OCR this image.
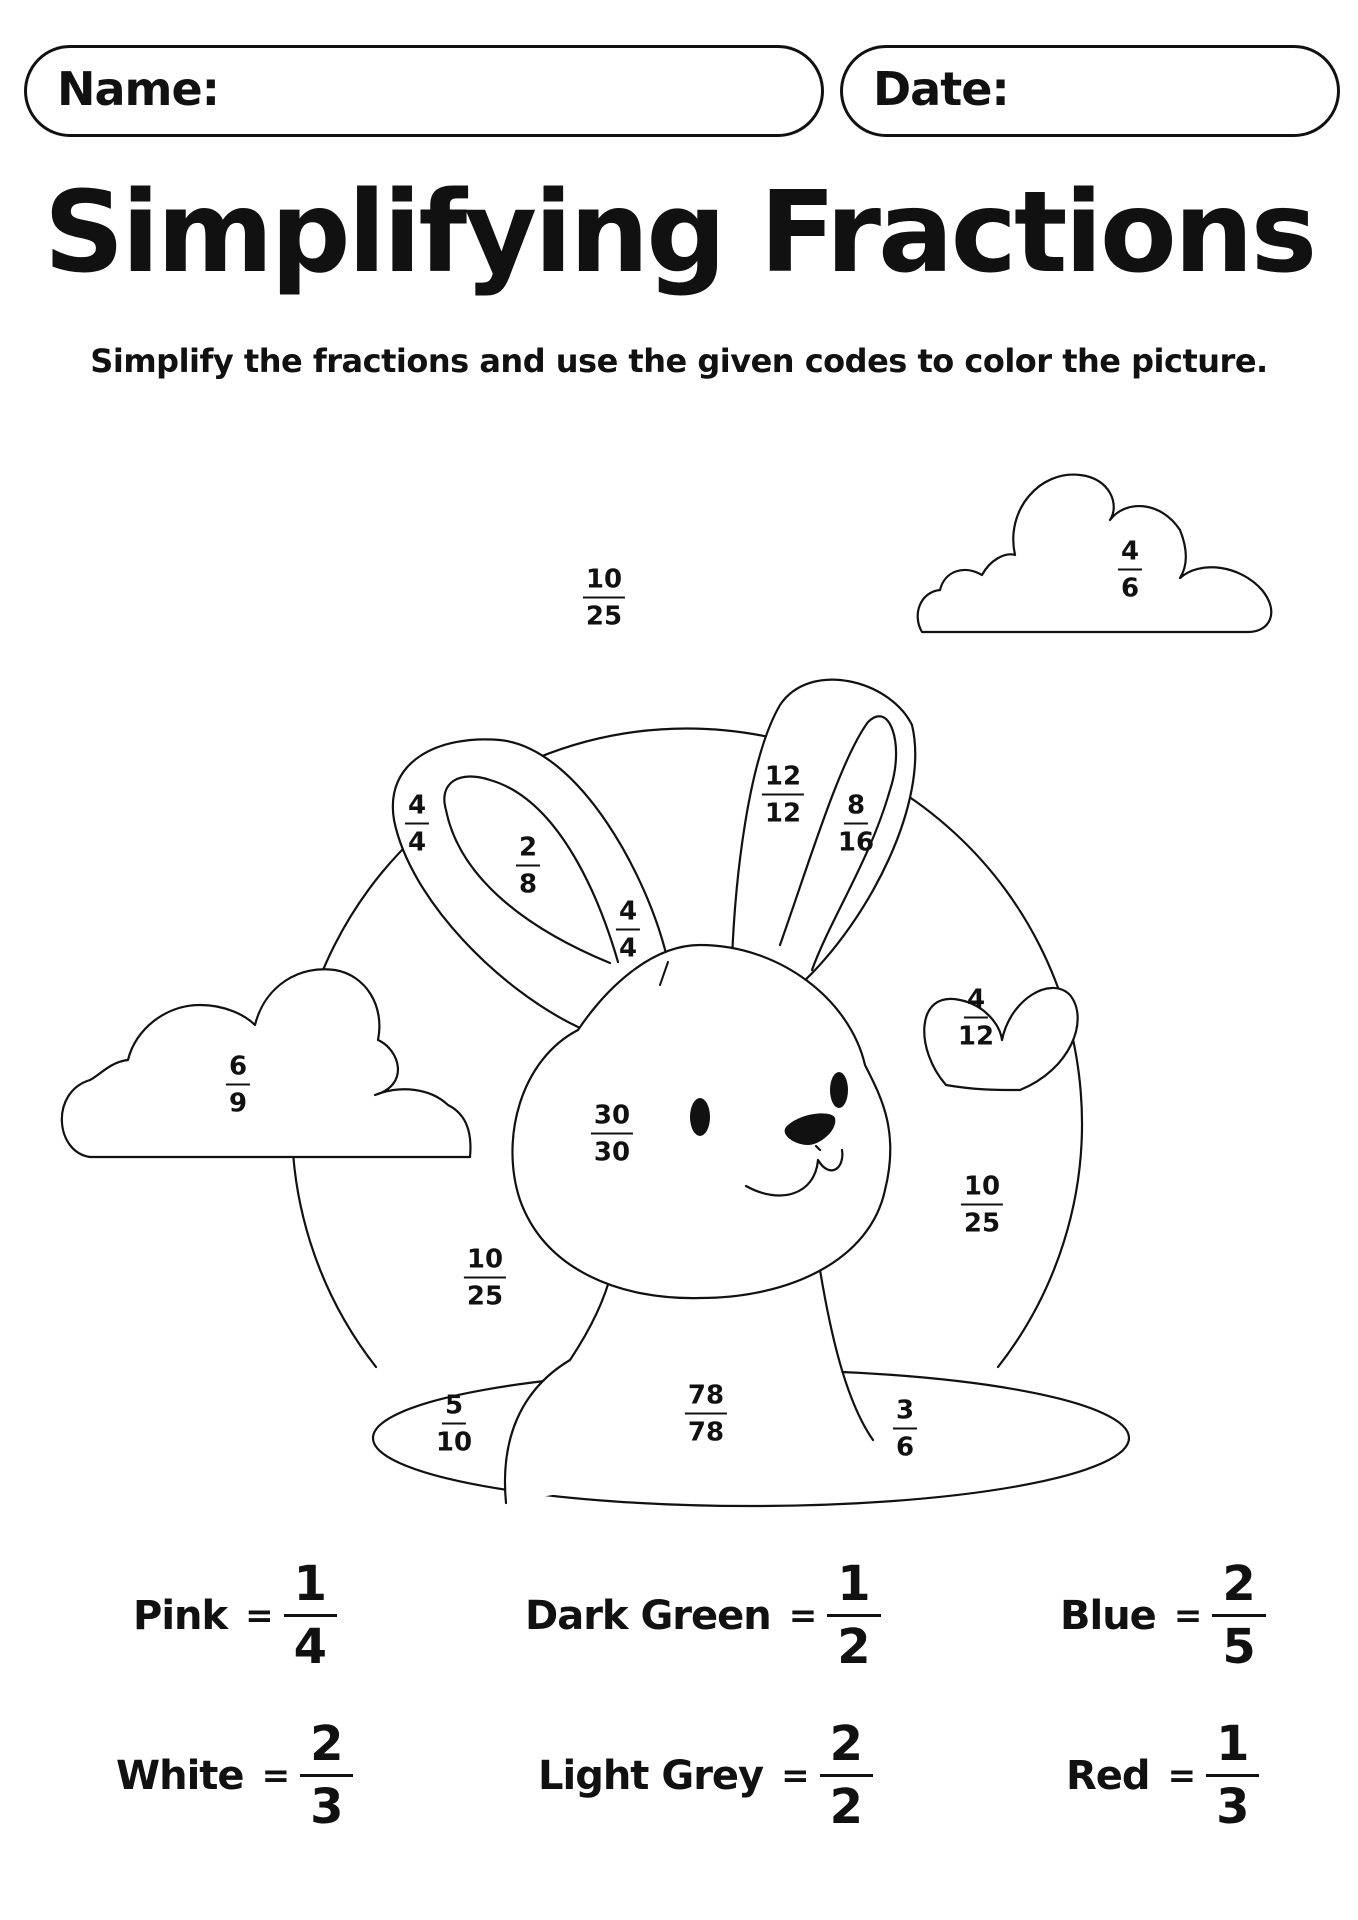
Name:	Date:
Simplifying Fractions
Simplify the fractions and use the given codes to color the picture.
$\frac{10}{25}$	$\frac{4}{6}$
$\frac{4}{4}$
$\frac{2}{8}$
$\frac{4}{4}$
$\frac{12}{12} \frac{8}{16}$
$\frac{4}{12}$
$\frac{6}{9}$
$\frac{30}{30}$
$\frac{10}{25}$
$\frac{10}{25}$
$\frac{5}{10}$	$\frac{78}{78}$	$\frac{3}{6}$
Pink = $\frac{1}{4}$	Dark Green = $\frac{1}{2}$	Blue = $\frac{2}{5}$
White = $\frac{2}{3}$	Light Grey = $\frac{2}{2}$	Red = $\frac{1}{3}$
